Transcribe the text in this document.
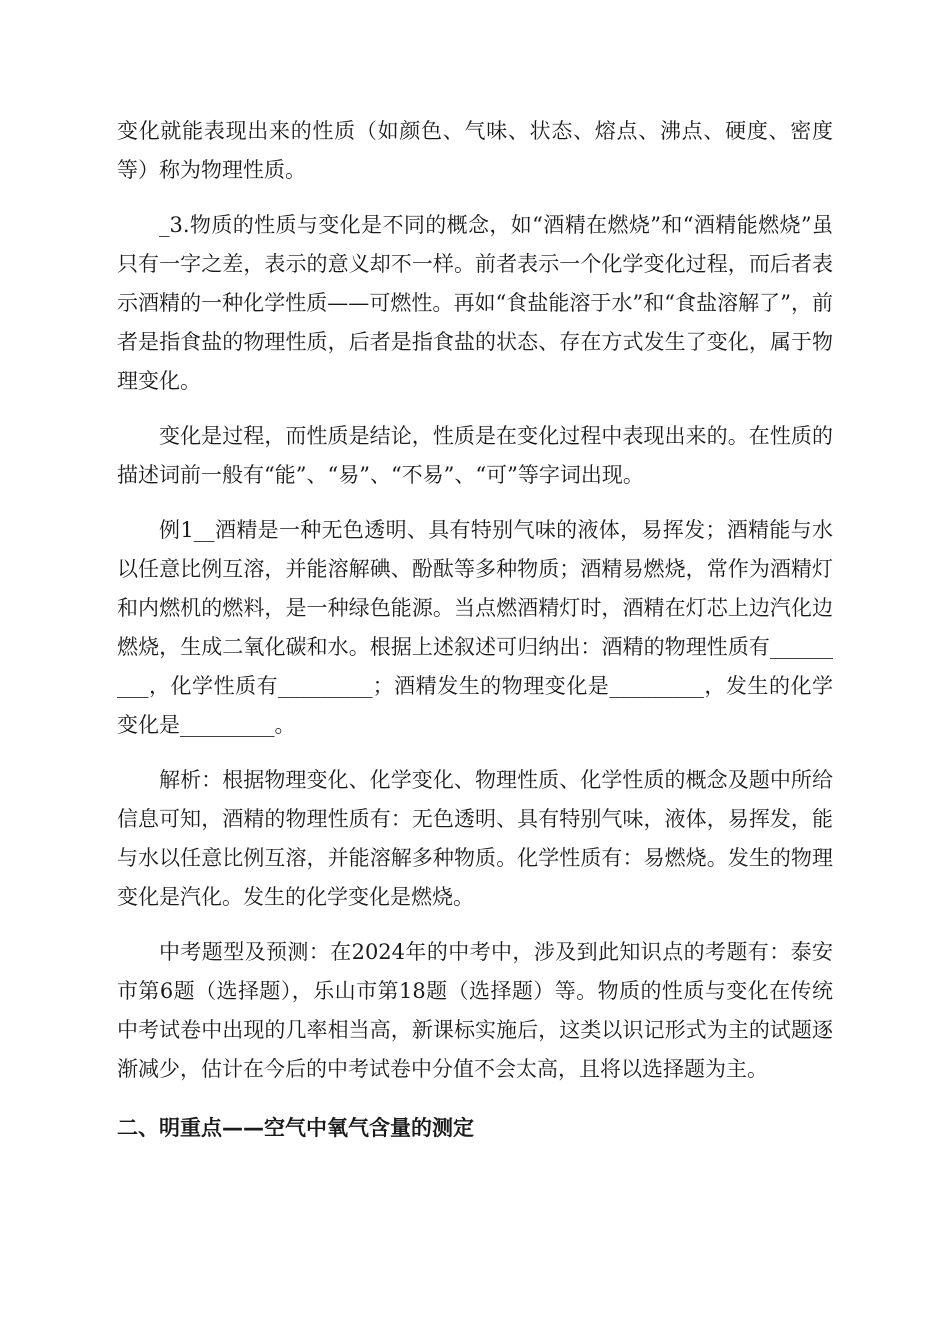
变化就能表现出来的性质（如颜色、气味、状态、熔点、沸点、硬度、密度等）称为物理性质。

_3.物质的性质与变化是不同的概念，如“酒精在燃烧”和“酒精能燃烧”虽只有一字之差，表示的意义却不一样。前者表示一个化学变化过程，而后者表示酒精的一种化学性质——可燃性。再如“食盐能溶于水”和“食盐溶解了”，前者是指食盐的物理性质，后者是指食盐的状态、存在方式发生了变化，属于物理变化。

变化是过程，而性质是结论，性质是在变化过程中表现出来的。在性质的描述词前一般有“能”、“易”、“不易”、“可”等字词出现。

例1__酒精是一种无色透明、具有特别气味的液体，易挥发；酒精能与水以任意比例互溶，并能溶解碘、酚酞等多种物质；酒精易燃烧，常作为酒精灯和内燃机的燃料，是一种绿色能源。当点燃酒精灯时，酒精在灯芯上边汽化边燃烧，生成二氧化碳和水。根据上述叙述可归纳出：酒精的物理性质有_________，化学性质有_________；酒精发生的物理变化是_________，发生的化学变化是_________。

解析：根据物理变化、化学变化、物理性质、化学性质的概念及题中所给信息可知，酒精的物理性质有：无色透明、具有特别气味，液体，易挥发，能与水以任意比例互溶，并能溶解多种物质。化学性质有：易燃烧。发生的物理变化是汽化。发生的化学变化是燃烧。

中考题型及预测：在2024年的中考中，涉及到此知识点的考题有：泰安市第6题（选择题），乐山市第18题（选择题）等。物质的性质与变化在传统中考试卷中出现的几率相当高，新课标实施后，这类以识记形式为主的试题逐渐减少，估计在今后的中考试卷中分值不会太高，且将以选择题为主。

二、明重点——空气中氧气含量的测定
